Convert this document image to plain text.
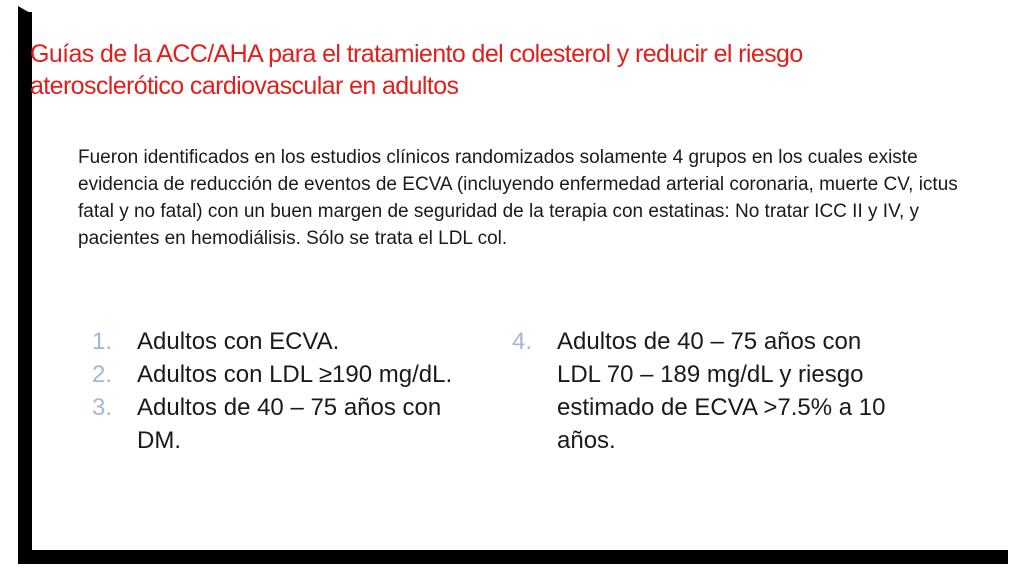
Guías de la ACC/AHA para el tratamiento del colesterol y reducir el riesgo aterosclerótico cardiovascular en adultos

Fueron identificados en los estudios clínicos randomizados solamente 4 grupos en los cuales existe evidencia de reducción de eventos de ECVA (incluyendo enfermedad arterial coronaria, muerte CV, ictus fatal y no fatal) con un buen margen de seguridad de la terapia con estatinas: No tratar ICC II y IV, y pacientes en hemodiálisis. Sólo se trata el LDL col.

1.	Adultos con ECVA.
2.	Adultos con LDL ≥190 mg/dL.
3.	Adultos de 40 – 75 años con DM.
4.	Adultos de 40 – 75 años con LDL 70 – 189 mg/dL y riesgo estimado de ECVA >7.5% a 10 años.
